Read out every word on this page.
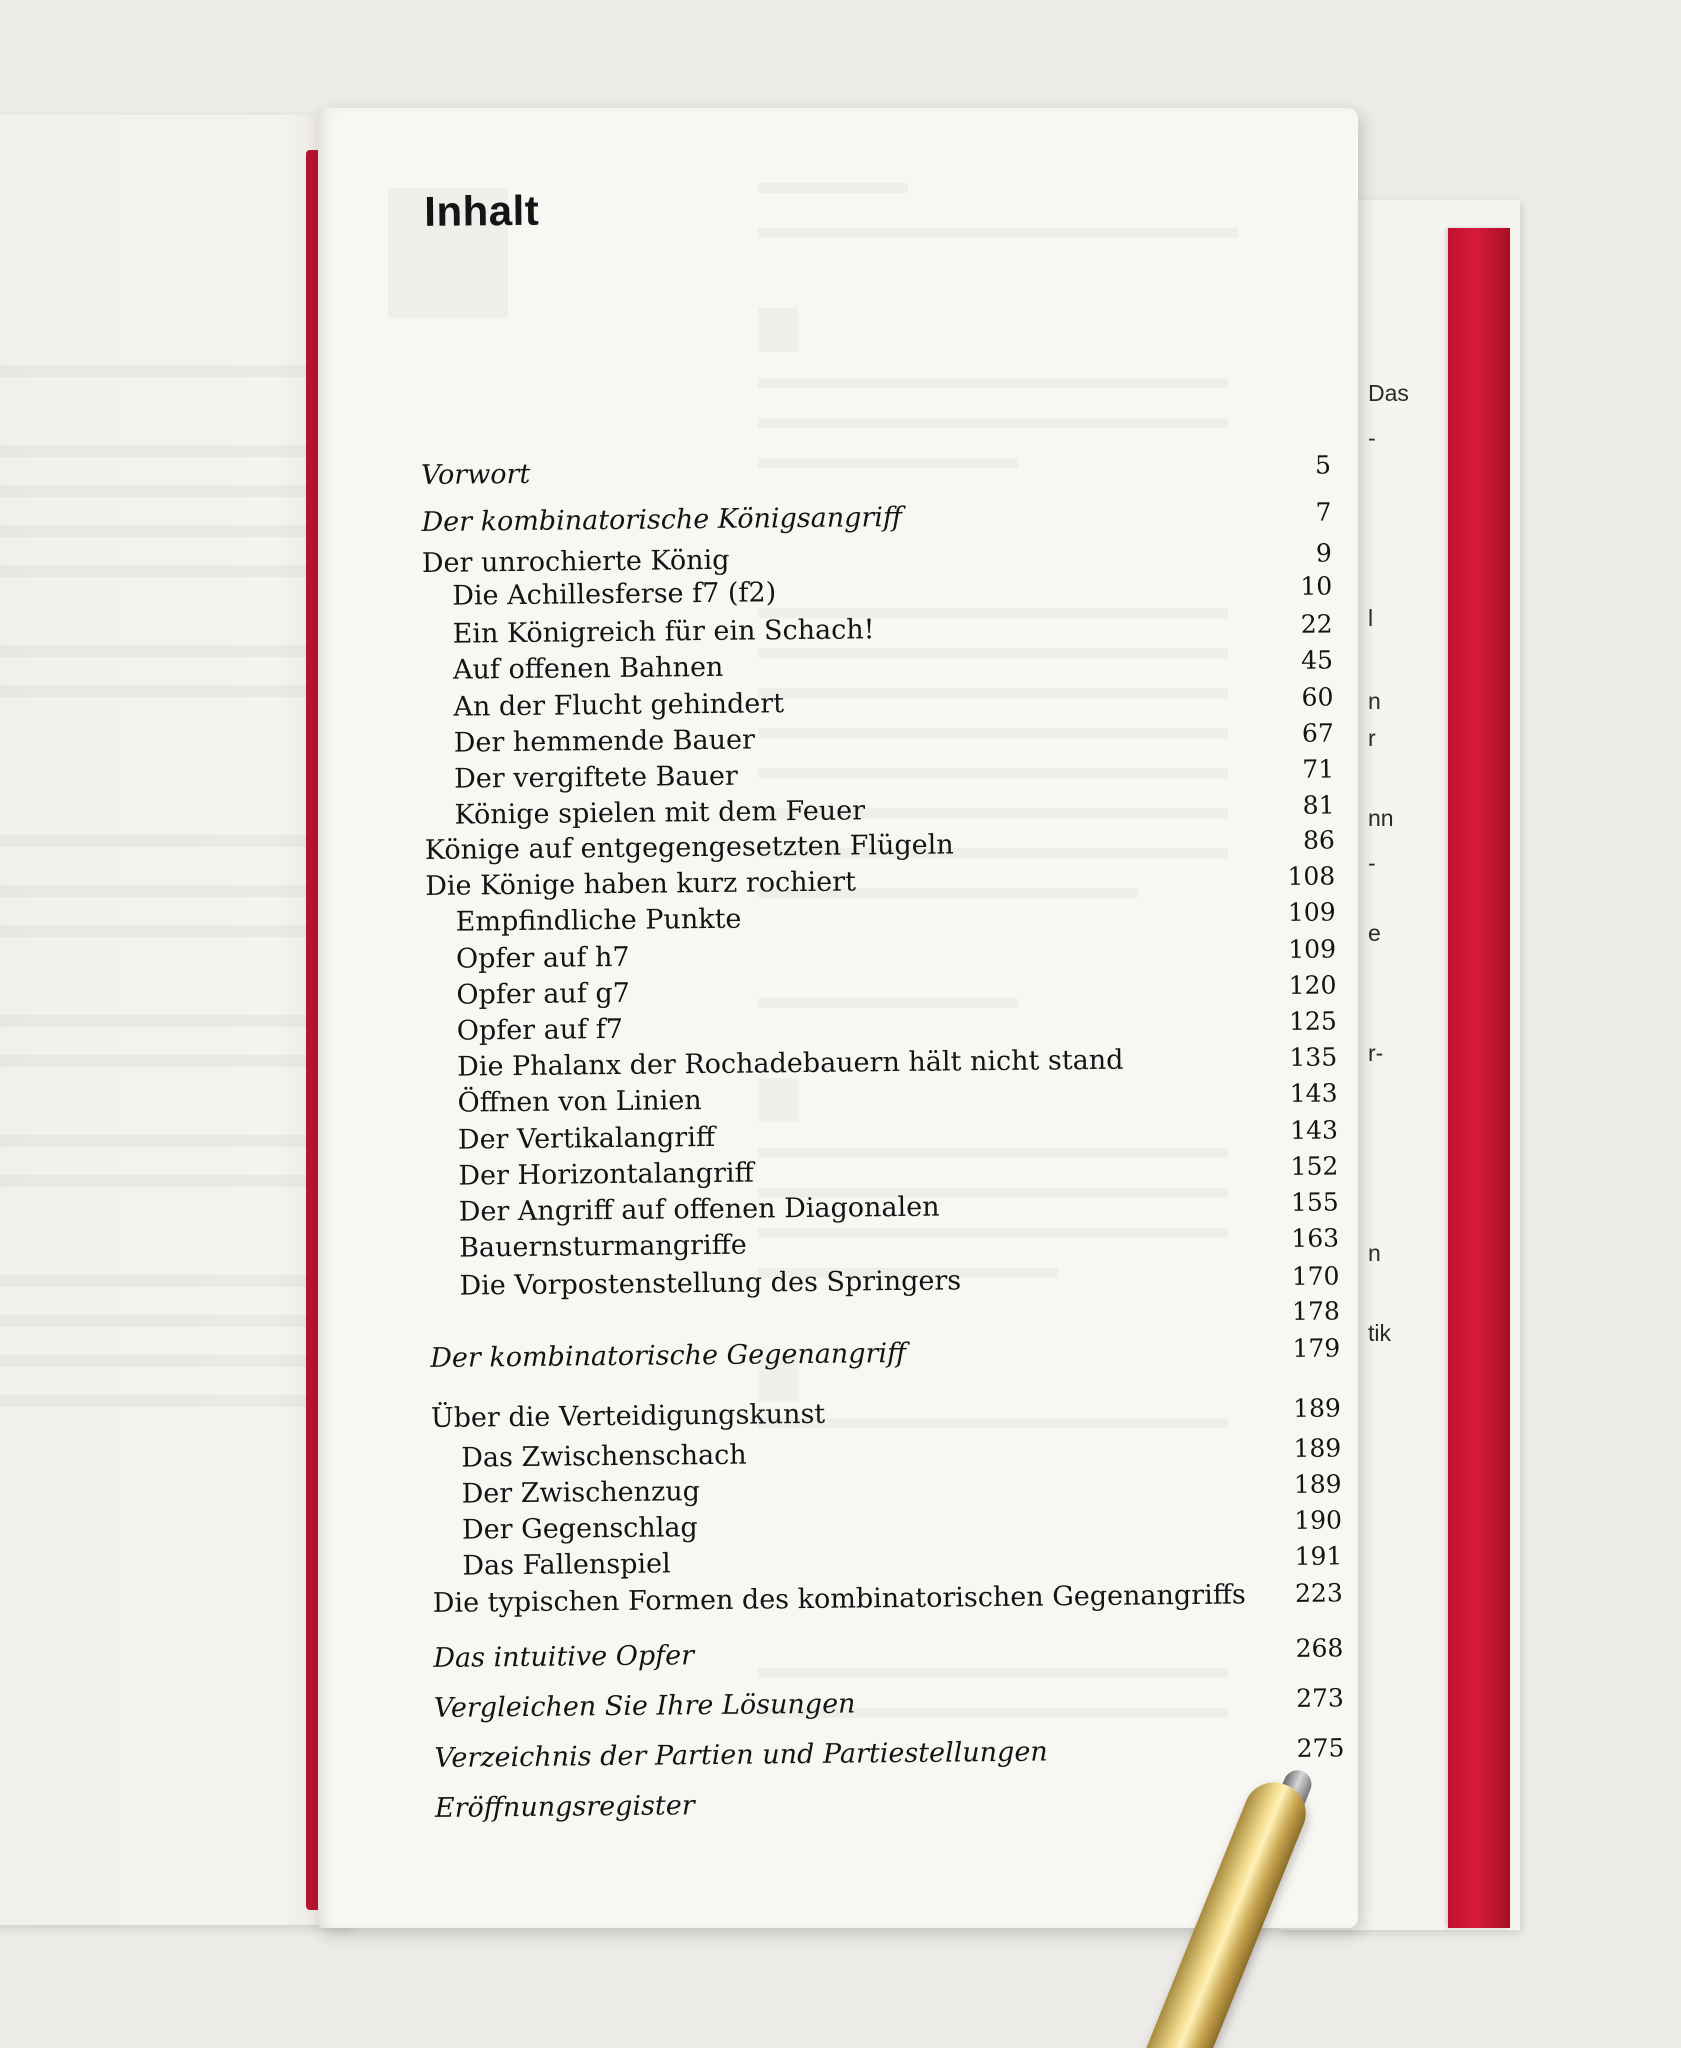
Das
-
l
n
r
nn
-
e
r-
n
tik
Inhalt
Vorwort	5
Der kombinatorische Königsangriff	7
Der unrochierte König	9
Die Achillesferse f7 (f2)	10
Ein Königreich für ein Schach!	22
Auf offenen Bahnen	45
An der Flucht gehindert	60
Der hemmende Bauer	67
Der vergiftete Bauer	71
Könige spielen mit dem Feuer	81
Könige auf entgegengesetzten Flügeln	86
Die Könige haben kurz rochiert	108
Empfindliche Punkte	109
Opfer auf h7	109
Opfer auf g7	120
Opfer auf f7	125
Die Phalanx der Rochadebauern hält nicht stand	135
Öffnen von Linien	143
Der Vertikalangriff	143
Der Horizontalangriff	152
Der Angriff auf offenen Diagonalen	155
Bauernsturmangriffe	163
Die Vorpostenstellung des Springers	170
178
Der kombinatorische Gegenangriff	179
Über die Verteidigungskunst	189
Das Zwischenschach	189
Der Zwischenzug	189
Der Gegenschlag	190
Das Fallenspiel	191
Die typischen Formen des kombinatorischen Gegenangriffs	223
Das intuitive Opfer	268
Vergleichen Sie Ihre Lösungen	273
Verzeichnis der Partien und Partiestellungen	275
Eröffnungsregister
